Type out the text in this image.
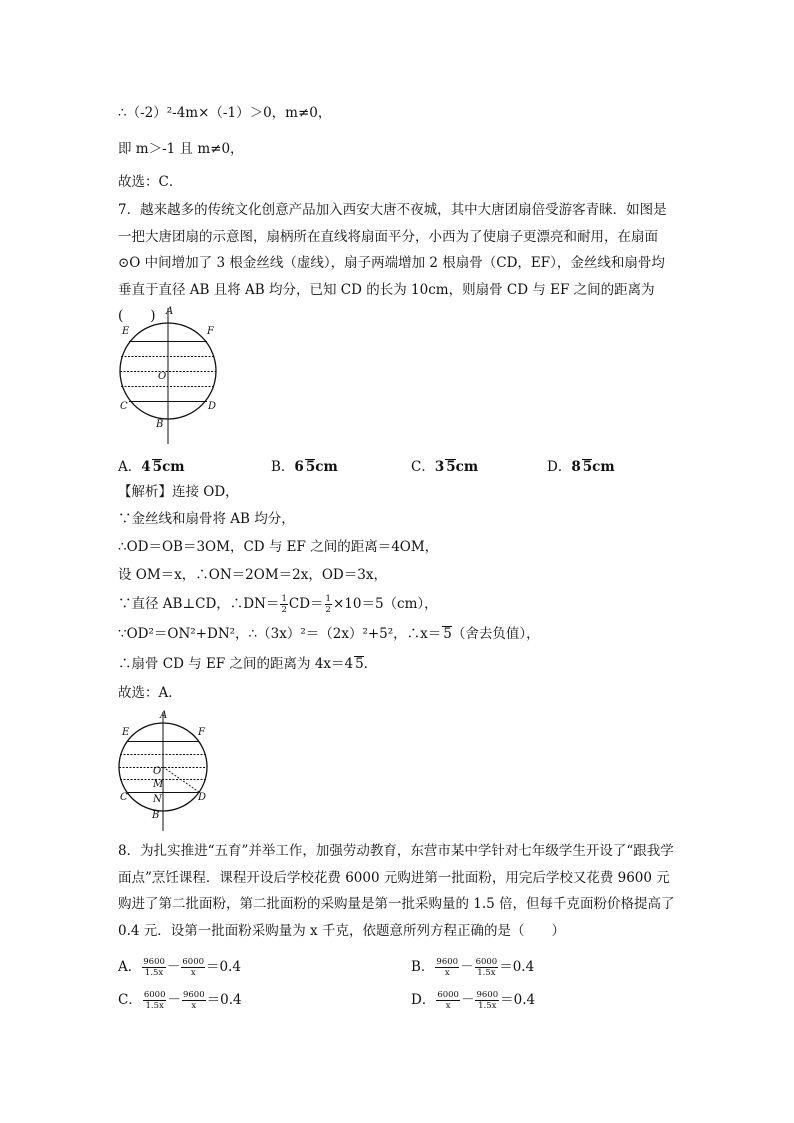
∴（-2）²-4m×（-1）＞0，m≠0，
即 m＞-1 且 m≠0，
故选：C．
7．越来越多的传统文化创意产品加入西安大唐不夜城，其中大唐团扇倍受游客青睐．如图是一把大唐团扇的示意图，扇柄所在直线将扇面平分，小西为了使扇子更漂亮和耐用，在扇面⊙O 中间增加了 3 根金丝线（虚线），扇子两端增加 2 根扇骨（CD，EF），金丝线和扇骨均垂直于直径 AB 且将 AB 均分，已知 CD 的长为 10cm，则扇骨 CD 与 EF 之间的距离为(　　)	A
E	F
O
C	D
B
A．4 5cm	B．6 5cm	C．3 5cm	D．8 5cm
【解析】连接 OD，
∵金丝线和扇骨将 AB 均分，
∴OD＝OB＝3OM，CD 与 EF 之间的距离＝4OM，
设 OM＝x，∴ON＝2OM＝2x，OD＝3x，
∵直径 AB⊥CD，∴DN＝ $\frac{1}{2} CD= \frac{1}{2} \times 10=5(cm)$，
∵OD²＝ON²+DN²，∴（3x）²＝（2x）²+5²，∴x＝ 5（舍去负值），
∴扇骨 CD 与 EF 之间的距离为 4x＝4 5．
故选：A．
A
E	F
O
M
C	N	D
B
8．为扎实推进“五育”并举工作，加强劳动教育，东营市某中学针对七年级学生开设了“跟我学面点”烹饪课程．课程开设后学校花费 6000 元购进第一批面粉，用完后学校又花费 9600 元购进了第二批面粉，第二批面粉的采购量是第一批采购量的 1.5 倍，但每千克面粉价格提高了 0.4 元．设第一批面粉采购量为 x 千克，依题意所列方程正确的是（　　）
A． $\frac{9600}{1.5x} - \frac{6000}{x} =0.4$	B． $\frac{9600}{x} - \frac{6000}{1.5x} =0.4$
C． $\frac{6000}{1.5x} - \frac{9600}{x} =0.4$	D． $\frac{6000}{x} - \frac{9600}{1.5x} =0.4$
